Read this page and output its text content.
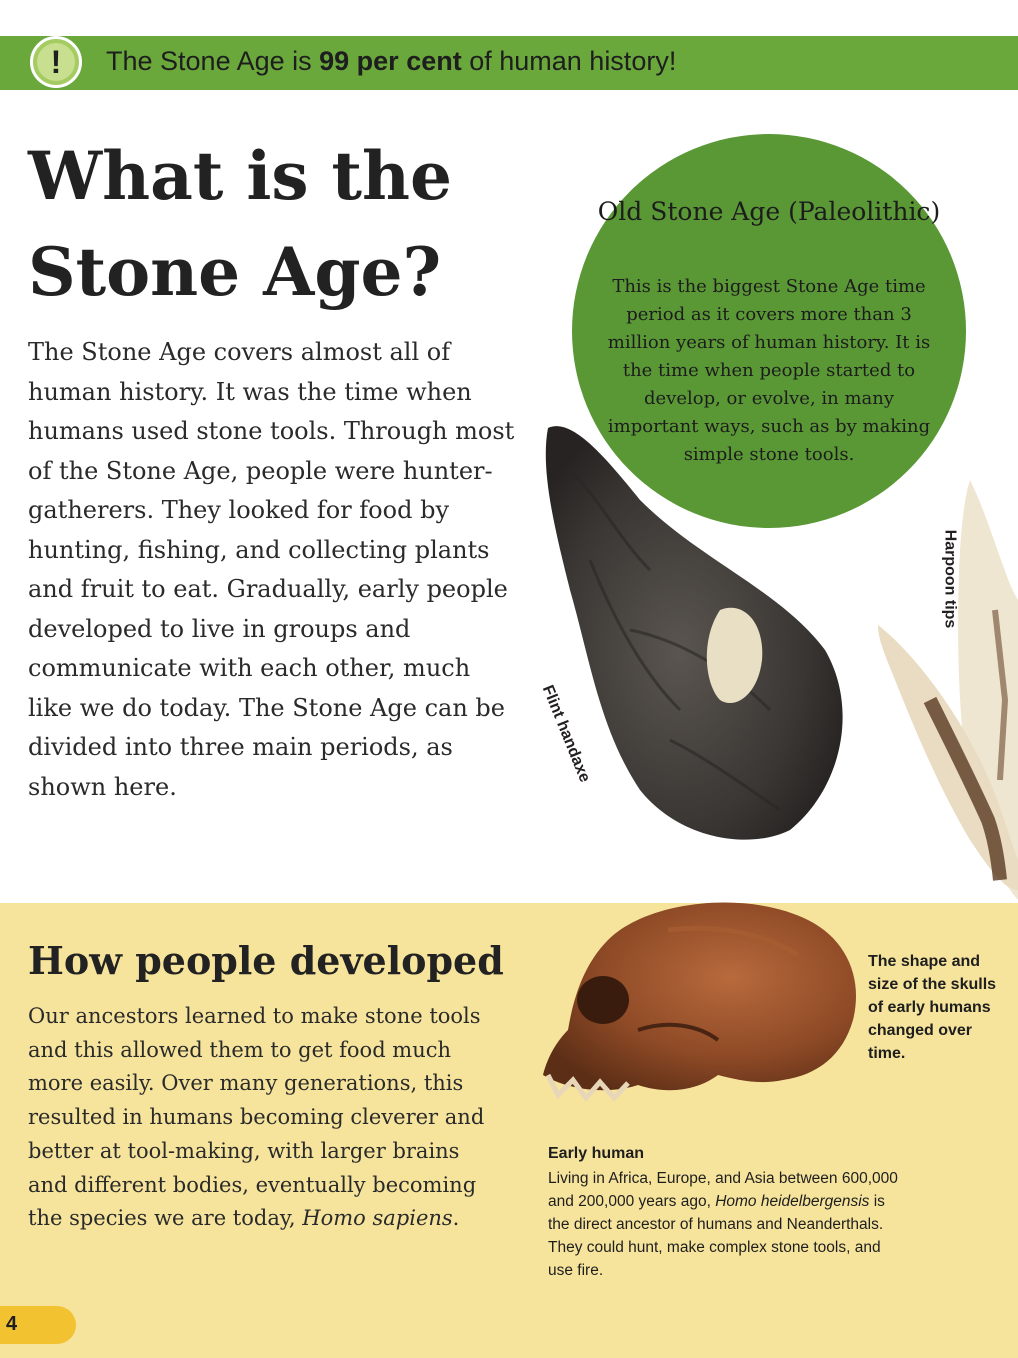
!	The Stone Age is 99 per cent of human history!
What is the Stone Age?

The Stone Age covers almost all of human history. It was the time when humans used stone tools. Through most of the Stone Age, people were hunter-gatherers. They looked for food by hunting, fishing, and collecting plants and fruit to eat. Gradually, early people developed to live in groups and communicate with each other, much like we do today. The Stone Age can be divided into three main periods, as shown here.

Old Stone Age (Paleolithic)
This is the biggest Stone Age time period as it covers more than 3 million years of human history. It is the time when people started to develop, or evolve, in many important ways, such as by making simple stone tools.
Flint handaxe
Harpoon tips
How people developed

Our ancestors learned to make stone tools and this allowed them to get food much more easily. Over many generations, this resulted in humans becoming cleverer and better at tool-making, with larger brains and different bodies, eventually becoming the species we are today, Homo sapiens.

The shape and size of the skulls of early humans changed over time.

Early human

Living in Africa, Europe, and Asia between 600,000 and 200,000 years ago, Homo heidelbergensis is the direct ancestor of humans and Neanderthals. They could hunt, make complex stone tools, and use fire.

4
